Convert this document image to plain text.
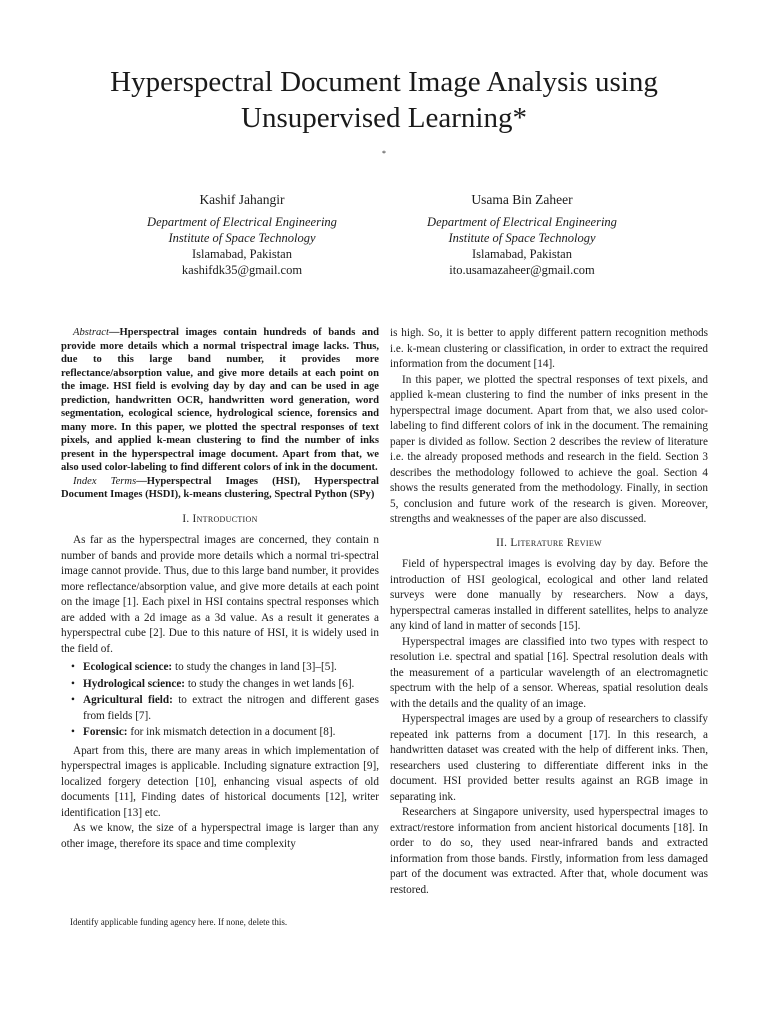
Hyperspectral Document Image Analysis using
Unsupervised Learning*
*
Kashif Jahangir
Department of Electrical Engineering
Institute of Space Technology
Islamabad, Pakistan
kashifdk35@gmail.com
Usama Bin Zaheer
Department of Electrical Engineering
Institute of Space Technology
Islamabad, Pakistan
ito.usamazaheer@gmail.com

Abstract—Hperspectral images contain hundreds of bands and provide more details which a normal trispectral image lacks. Thus, due to this large band number, it provides more reflectance/absorption value, and give more details at each point on the image. HSI field is evolving day by day and can be used in age prediction, handwritten OCR, handwritten word generation, word segmentation, ecological science, hydrological science, forensics and many more. In this paper, we plotted the spectral responses of text pixels, and applied k-mean clustering to find the number of inks present in the hyperspectral image document. Apart from that, we also used color-labeling to find different colors of ink in the document.

Index Terms—Hyperspectral Images (HSI), Hyperspectral Document Images (HSDI), k-means clustering, Spectral Python (SPy)

I. Introduction

As far as the hyperspectral images are concerned, they contain n number of bands and provide more details which a normal tri-spectral image cannot provide. Thus, due to this large band number, it provides more reflectance/absorption value, and give more details at each point on the image [1]. Each pixel in HSI contains spectral responses which are added with a 2d image as a 3d value. As a result it generates a hyperspectral cube [2]. Due to this nature of HSI, it is widely used in the field of.

• Ecological science: to study the changes in land [3]–[5].
• Hydrological science: to study the changes in wet lands [6].
• Agricultural field: to extract the nitrogen and different gases from fields [7].
• Forensic: for ink mismatch detection in a document [8].

Apart from this, there are many areas in which implementation of hyperspectral images is applicable. Including signature extraction [9], localized forgery detection [10], enhancing visual aspects of old documents [11], Finding dates of historical documents [12], writer identification [13] etc.

As we know, the size of a hyperspectral image is larger than any other image, therefore its space and time complexity

Identify applicable funding agency here. If none, delete this.

is high. So, it is better to apply different pattern recognition methods i.e. k-mean clustering or classification, in order to extract the required information from the document [14].

In this paper, we plotted the spectral responses of text pixels, and applied k-mean clustering to find the number of inks present in the hyperspectral image document. Apart from that, we also used color-labeling to find different colors of ink in the document. The remaining paper is divided as follow. Section 2 describes the review of literature i.e. the already proposed methods and research in the field. Section 3 describes the methodology followed to achieve the goal. Section 4 shows the results generated from the methodology. Finally, in section 5, conclusion and future work of the research is given. Moreover, strengths and weaknesses of the paper are also discussed.

II. Literature Review

Field of hyperspectral images is evolving day by day. Before the introduction of HSI geological, ecological and other land related surveys were done manually by researchers. Now a days, hyperspectral cameras installed in different satellites, helps to analyze any kind of land in matter of seconds [15].

Hyperspectral images are classified into two types with respect to resolution i.e. spectral and spatial [16]. Spectral resolution deals with the measurement of a particular wavelength of an electromagnetic spectrum with the help of a sensor. Whereas, spatial resolution deals with the details and the quality of an image.

Hyperspectral images are used by a group of researchers to classify repeated ink patterns from a document [17]. In this research, a handwritten dataset was created with the help of different inks. Then, researchers used clustering to differentiate different inks in the document. HSI provided better results against an RGB image in separating ink.

Researchers at Singapore university, used hyperspectral images to extract/restore information from ancient historical documents [18]. In order to do so, they used near-infrared bands and extracted information from those bands. Firstly, information from less damaged part of the document was extracted. After that, whole document was restored.
